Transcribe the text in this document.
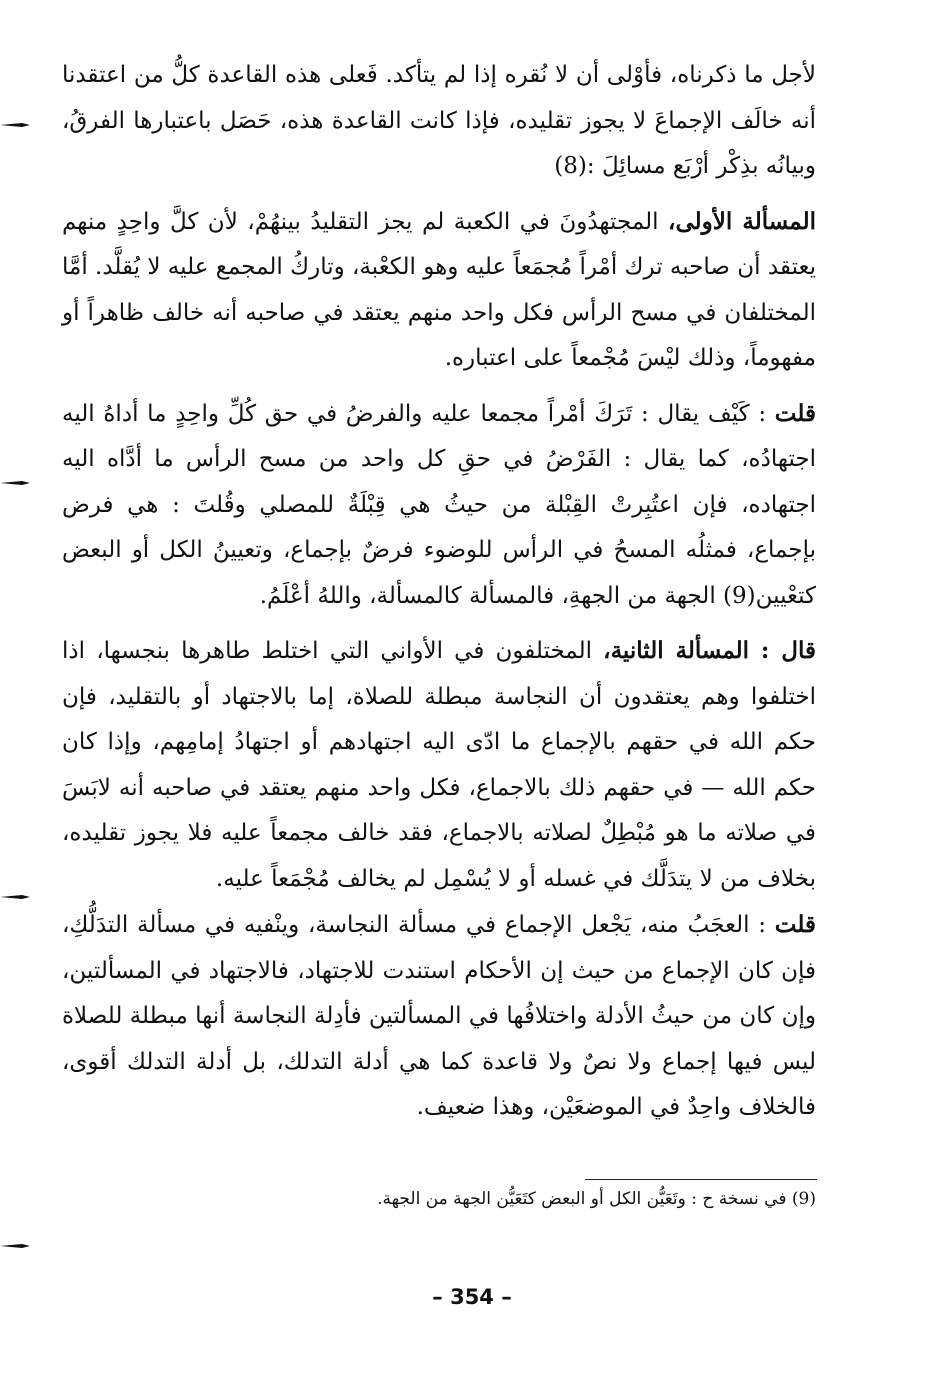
لأجل ما ذكرناه، فأوْلى أن لا نُقره إذا لم يتأكد. فَعلى هذه القاعدة كلُّ من اعتقدنا أنه خالَف الإجماعَ لا يجوز تقليده، فإذا كانت القاعدة هذه، حَصَل باعتبارها الفرقُ، وبيانُه بذِكْر أرْبَع مسائِلَ :(8)

المسألة الأولى، المجتهدُونَ في الكعبة لم يجز التقليدُ بينهُمْ، لأن كلَّ واحِدٍ منهم يعتقد أن صاحبه ترك أمْراً مُجمَعاً عليه وهو الكعْبة، وتاركُ المجمع عليه لا يُقلَّد. أمَّا المختلفان في مسح الرأس فكل واحد منهم يعتقد في صاحبه أنه خالف ظاهراً أو مفهوماً، وذلك ليْسَ مُجْمعاً على اعتباره.

قلت : كَيْف يقال : تَرَكَ أمْراً مجمعا عليه والفرضُ في حق كُلِّ واحِدٍ ما أداهُ اليه اجتهادُه، كما يقال : الفَرْضُ في حقِ كل واحد من مسح الرأس ما أدَّاه اليه اجتهاده، فإن اعتُبِرتْ القِبْلة من حيثُ هي قِبْلَةٌ للمصلي وقُلتَ : هي فرض بإجماع، فمثلُه المسحُ في الرأس للوضوء فرضٌ بإجماع، وتعيينُ الكل أو البعض كتعْيين(9) الجهة من الجهةِ، فالمسألة كالمسألة، واللهُ أعْلَمُ.

قال : المسألة الثانية، المختلفون في الأواني التي اختلط طاهرها بنجسها، اذا اختلفوا وهم يعتقدون أن النجاسة مبطلة للصلاة، إما بالاجتهاد أو بالتقليد، فإن حكم الله في حقهم بالإجماع ما ادّى اليه اجتهادهم أو اجتهادُ إمامِهم، وإذا كان حكم الله — في حقهم ذلك بالاجماع، فكل واحد منهم يعتقد في صاحبه أنه لابَسَ في صلاته ما هو مُبْطِلٌ لصلاته بالاجماع، فقد خالف مجمعاً عليه فلا يجوز تقليده، بخلاف من لا يتدَلَّك في غسله أو لا يُسْمِل لم يخالف مُجْمَعاً عليه.

قلت : العجَبُ منه، يَجْعل الإجماع في مسألة النجاسة، وينْفيه في مسألة التدَلُّكِ، فإن كان الإجماع من حيث إن الأحكام استندت للاجتهاد، فالاجتهاد في المسألتين، وإن كان من حيثُ الأدلة واختلافُها في المسألتين فأدِلة النجاسة أنها مبطلة للصلاة ليس فيها إجماع ولا نصٌ ولا قاعدة كما هي أدلة التدلك، بل أدلة التدلك أقوى، فالخلاف واحِدٌ في الموضعَيْن، وهذا ضعيف.

(9) في نسخة ح : وتَعَيُّن الكل أو البعض كتَعَيُّن الجهة من الجهة.
– 354 –
